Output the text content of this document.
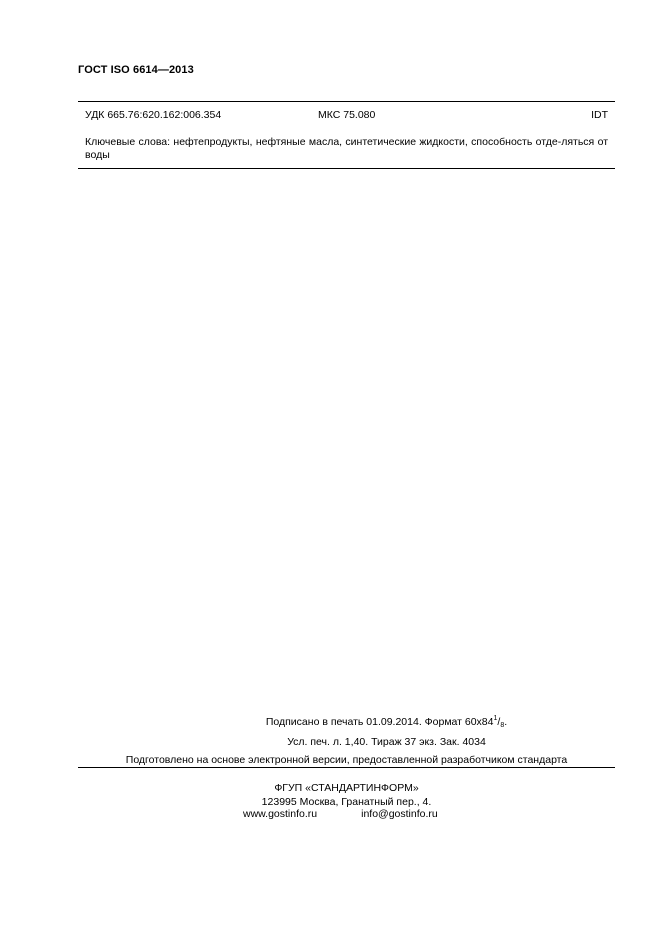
ГОСТ ISO 6614—2013
УДК 665.76:620.162:006.354	МКС 75.080	IDT
Ключевые слова: нефтепродукты, нефтяные масла, синтетические жидкости, способность отде-ляться от воды
Подписано в печать 01.09.2014. Формат $60x84^1/8$.
Усл. печ. л. 1,40. Тираж 37 экз. Зак. 4034
Подготовлено на основе электронной версии, предоставленной разработчиком стандарта
ФГУП «СТАНДАРТИНФОРМ»
123995 Москва, Гранатный пер., 4.
www.gostinfo.ru	info@gostinfo.ru
